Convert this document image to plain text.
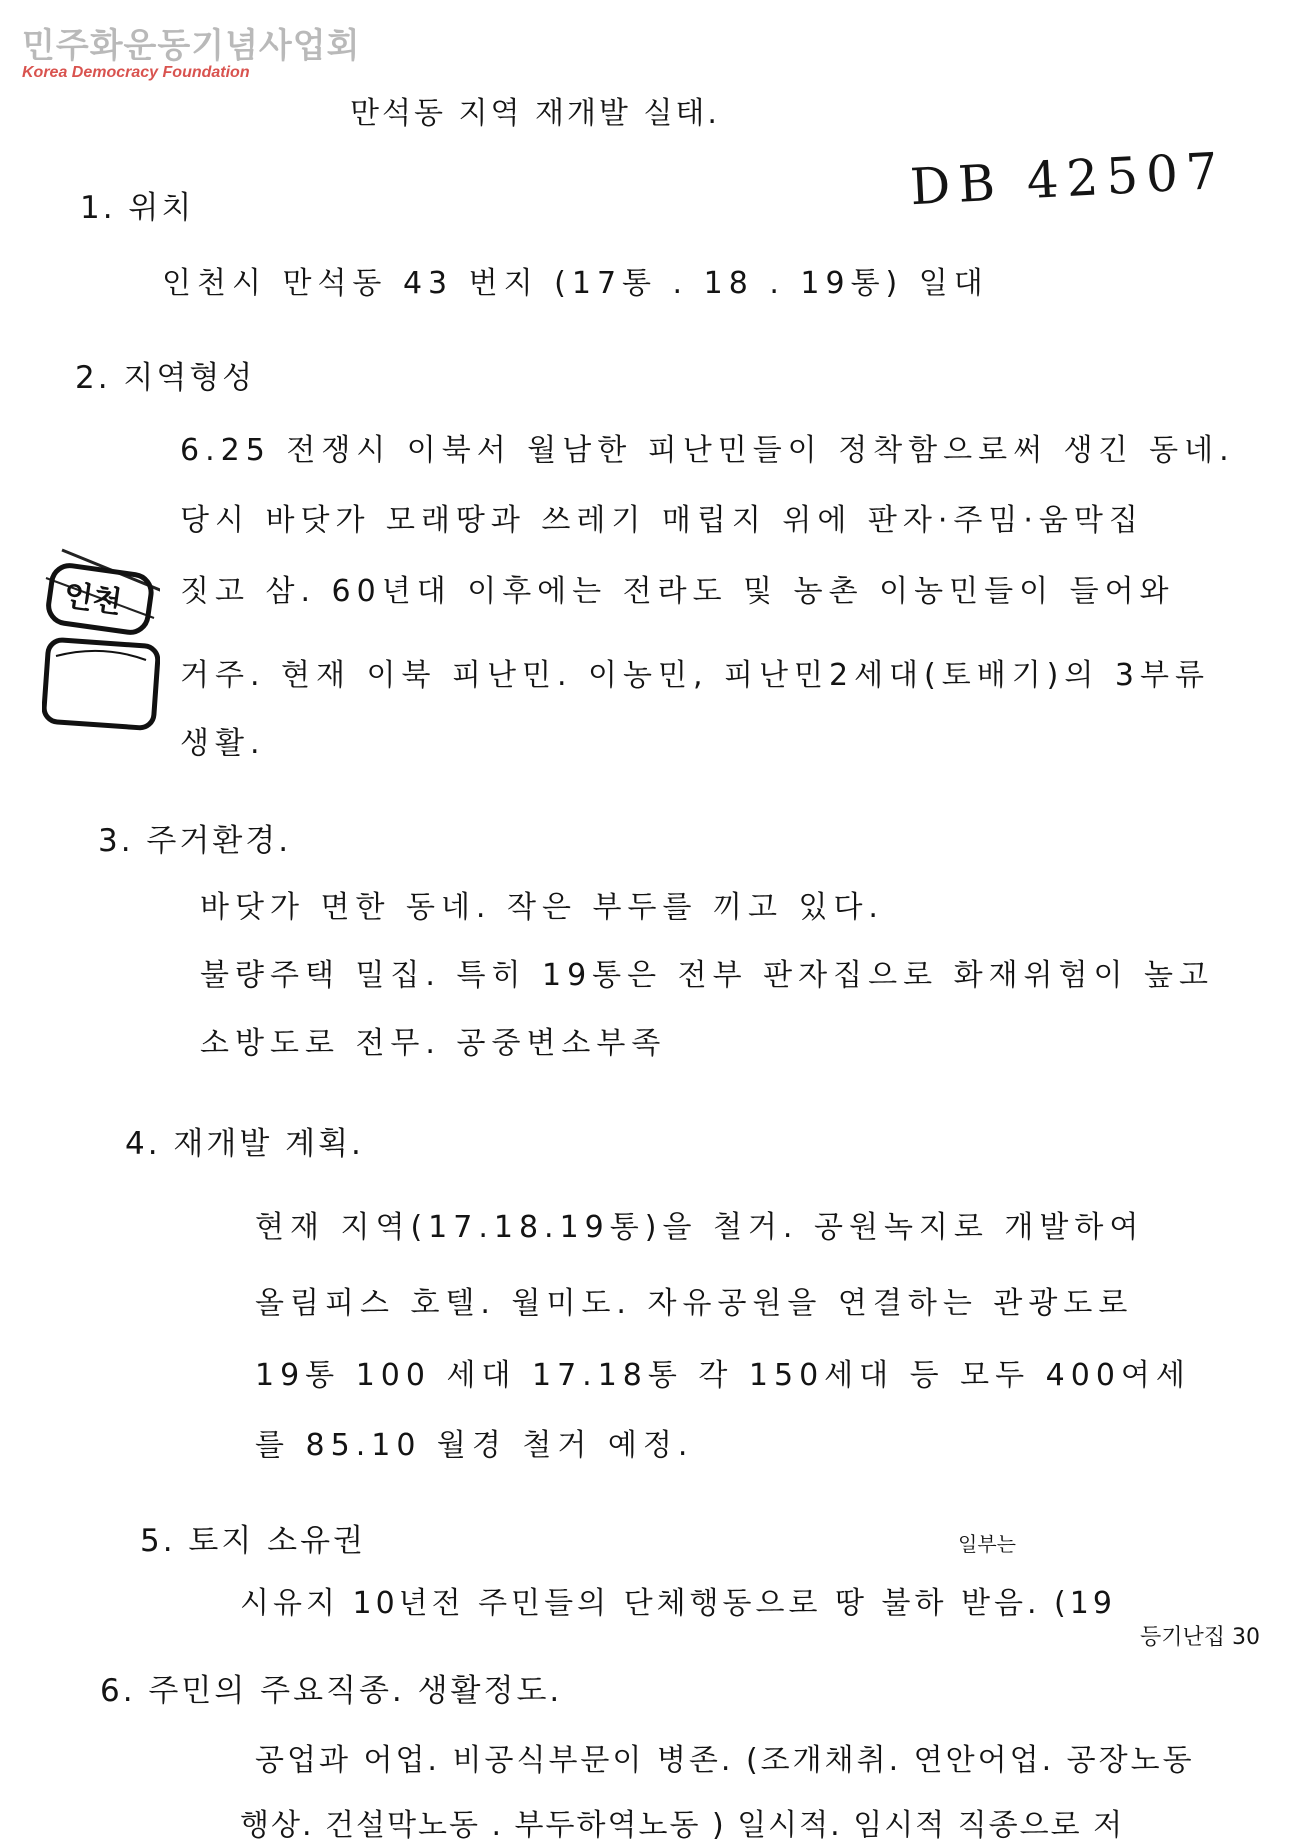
민주화운동기념사업회
Korea Democracy Foundation
만석동 지역 재개발 실태.
DB 42507
인천
1. 위치
인천시 만석동 43 번지 (17통 . 18 . 19통) 일대
2. 지역형성
6.25 전쟁시 이북서 월남한 피난민들이 정착함으로써 생긴 동네.
당시 바닷가 모래땅과 쓰레기 매립지 위에 판자·주밈·움막집
짓고 삼. 60년대 이후에는 전라도 및 농촌 이농민들이 들어와
거주. 현재 이북 피난민. 이농민, 피난민2세대(토배기)의 3부류
생활.
3. 주거환경.
바닷가 면한 동네. 작은 부두를 끼고 있다.
불량주택 밀집. 특히 19통은 전부 판자집으로 화재위험이 높고
소방도로 전무. 공중변소부족
4. 재개발 계획.
현재 지역(17.18.19통)을 철거. 공원녹지로 개발하여
올림피스 호텔. 월미도. 자유공원을 연결하는 관광도로
19통 100 세대 17.18통 각 150세대 등 모두 400여세
를 85.10 월경 철거 예정.
5. 토지 소유권	일부는
시유지 10년전 주민들의 단체행동으로 땅 불하 받음. (19
등기난집 30
6. 주민의 주요직종. 생활정도.
공업과 어업. 비공식부문이 병존. (조개채취. 연안어업. 공장노동
행상. 건설막노동 . 부두하역노동 ) 일시적. 임시적 직종으로 저
